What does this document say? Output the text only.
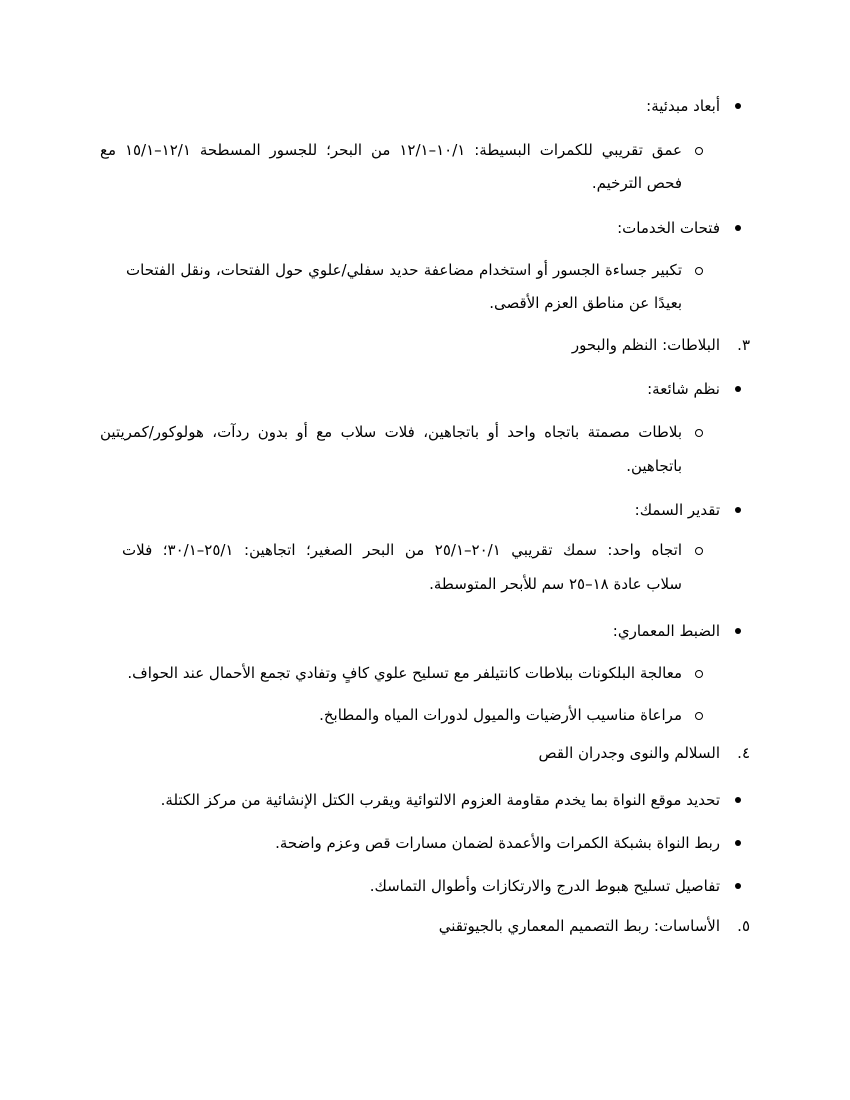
أبعاد مبدئية:
عمق تقريبي للكمرات البسيطة: ١٠/١–١٢/١ من البحر؛ للجسور المسطحة ١٢/١–١٥/١ مع
فحص الترخيم.
فتحات الخدمات:
تكبير جساءة الجسور أو استخدام مضاعفة حديد سفلي/علوي حول الفتحات، ونقل الفتحات
بعيدًا عن مناطق العزم الأقصى.
٣.
البلاطات: النظم والبحور
نظم شائعة:
بلاطات مصمتة باتجاه واحد أو باتجاهين، فلات سلاب مع أو بدون ردآت، هولوكور/كمريتين
باتجاهين.
تقدير السمك:
اتجاه واحد: سمك تقريبي ٢٠/١–٢٥/١ من البحر الصغير؛ اتجاهين: ٢٥/١–٣٠/١؛ فلات
سلاب عادة ١٨–٢٥ سم للأبحر المتوسطة.
الضبط المعماري:
معالجة البلكونات ببلاطات كانتيلفر مع تسليح علوي كافٍ وتفادي تجمع الأحمال عند الحواف.
مراعاة مناسيب الأرضيات والميول لدورات المياه والمطابخ.
٤.
السلالم والنوى وجدران القص
تحديد موقع النواة بما يخدم مقاومة العزوم الالتوائية ويقرب الكتل الإنشائية من مركز الكتلة.
ربط النواة بشبكة الكمرات والأعمدة لضمان مسارات قص وعزم واضحة.
تفاصيل تسليح هبوط الدرج والارتكازات وأطوال التماسك.
٥.
الأساسات: ربط التصميم المعماري بالجيوتقني
